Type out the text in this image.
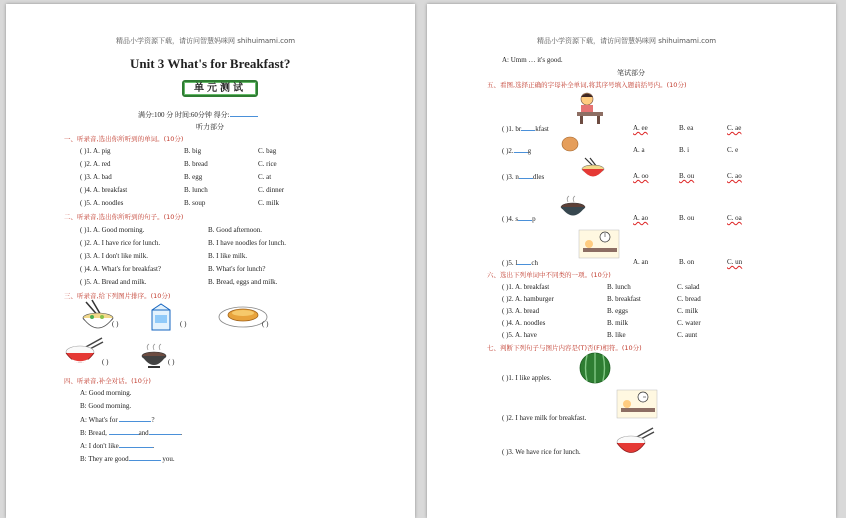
精品小学资源下载，请访问智慧妈咪网 shihuimami.com
Unit 3 What's for Breakfast?
单元测试
满分:100 分 时间:60分钟 得分:
听力部分
一、听录音,选出你所听到的单词。(10分)
( )1. A. pig	B. big	C. bag
( )2. A. red	B. bread	C. rice
( )3. A. bad	B. egg	C. at
( )4. A. breakfast	B. lunch	C. dinner
( )5. A. noodles	B. soup	C. milk
二、听录音,选出你所听到的句子。(10分)
( )1. A. Good morning.	B. Good afternoon.
( )2. A. I have rice for lunch.	B. I have noodles for lunch.
( )3. A. I don't like milk.	B. I like milk.
( )4. A. What's for breakfast?	B. What's for lunch?
( )5. A. Bread and milk.	B. Bread, eggs and milk.
三、听录音,给下列图片排序。(10分)
( )	( )	( )
( )	( )
四、听录音,补全对话。(10分)
A: Good morning.
B: Good morning.
A: What's for	?
B: Bread,	and	.
A: I don't like	.
B: They are good	you.
精品小学资源下载，请访问智慧妈咪网 shihuimami.com
A: Umm … it's good.
笔试部分
五、看图,选择正确的字母补全单词,将其序号填入题前括号内。(10分)
( )1. br kfast	A. ee	B. ea	C. ae
( )2. g	A. a	B. i	C. e
( )3. n dles	A. oo	B. ou	C. ao
( )4. s p	A. ao	B. ou	C. oa
( )5. l ch	A. an	B. on	C. un
六、选出下列单词中不同类的一项。(10分)
( )1. A. breakfast	B. lunch	C. salad
( )2. A. hamburger	B. breakfast	C. bread
( )3. A. bread	B. eggs	C. milk
( )4. A. noodles	B. milk	C. water
( )5. A. have	B. like	C. aunt
七、判断下列句子与图片内容是(T)否(F)相符。(10分)
( )1. I like apples.
( )2. I have milk for breakfast.
( )3. We have rice for lunch.
